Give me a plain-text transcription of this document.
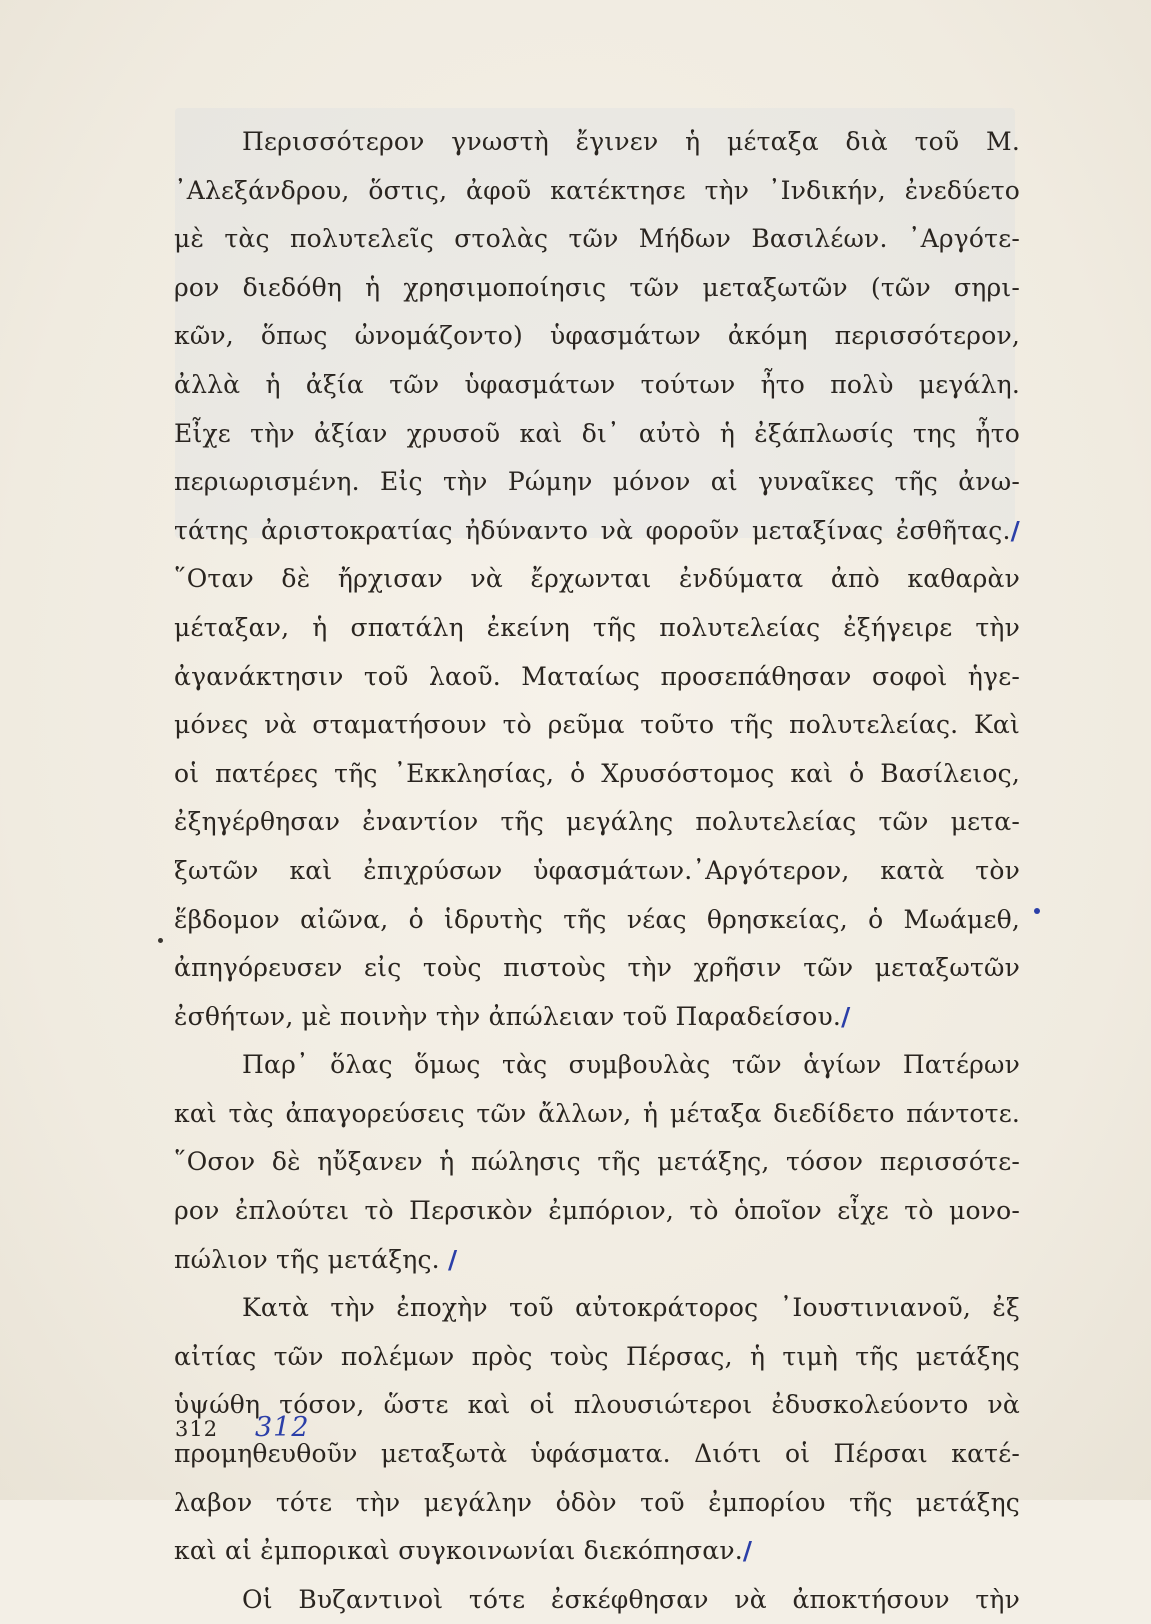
Περισσότερον γνωστὴ ἔγινεν ἡ μέταξα διὰ τοῦ Μ.
᾿Αλεξάνδρου, ὅστις, ἀφοῦ κατέκτησε τὴν ᾿Ινδικήν, ἐνεδύετο
μὲ τὰς πολυτελεῖς στολὰς τῶν Μήδων Βασιλέων. ᾿Αργότε-
ρον διεδόθη ἡ χρησιμοποίησις τῶν μεταξωτῶν (τῶν σηρι-
κῶν, ὅπως ὠνομάζοντο) ὑφασμάτων ἀκόμη περισσότερον,
ἀλλὰ ἡ ἀξία τῶν ὑφασμάτων τούτων ἦτο πολὺ μεγάλη.
Εἶχε τὴν ἀξίαν χρυσοῦ καὶ δι᾿ αὐτὸ ἡ ἐξάπλωσίς της ἦτο
περιωρισμένη. Εἰς τὴν Ρώμην μόνον αἱ γυναῖκες τῆς ἀνω-
τάτης ἀριστοκρατίας ἠδύναντο νὰ φοροῦν μεταξίνας ἐσθῆτας./
῞Οταν δὲ ἤρχισαν νὰ ἔρχωνται ἐνδύματα ἀπὸ καθαρὰν
μέταξαν, ἡ σπατάλη ἐκείνη τῆς πολυτελείας ἐξήγειρε τὴν
ἀγανάκτησιν τοῦ λαοῦ. Ματαίως προσεπάθησαν σοφοὶ ἡγε-
μόνες νὰ σταματήσουν τὸ ρεῦμα τοῦτο τῆς πολυτελείας. Καὶ
οἱ πατέρες τῆς ᾿Εκκλησίας, ὁ Χρυσόστομος καὶ ὁ Βασίλειος,
ἐξηγέρθησαν ἐναντίον τῆς μεγάλης πολυτελείας τῶν μετα-
ξωτῶν καὶ ἐπιχρύσων ὑφασμάτων.᾿Αργότερον, κατὰ τὸν
ἕβδομον αἰῶνα, ὁ ἱδρυτὴς τῆς νέας θρησκείας, ὁ Μωάμεθ,
ἀπηγόρευσεν εἰς τοὺς πιστοὺς τὴν χρῆσιν τῶν μεταξωτῶν
ἐσθήτων, μὲ ποινὴν τὴν ἀπώλειαν τοῦ Παραδείσου./
Παρ᾿ ὅλας ὅμως τὰς συμβουλὰς τῶν ἁγίων Πατέρων
καὶ τὰς ἀπαγορεύσεις τῶν ἄλλων, ἡ μέταξα διεδίδετο πάντοτε.
῞Οσον δὲ ηὔξανεν ἡ πώλησις τῆς μετάξης, τόσον περισσότε-
ρον ἐπλούτει τὸ Περσικὸν ἐμπόριον, τὸ ὁποῖον εἶχε τὸ μονο-
πώλιον τῆς μετάξης. /
Κατὰ τὴν ἐποχὴν τοῦ αὐτοκράτορος ᾿Ιουστινιανοῦ, ἐξ
αἰτίας τῶν πολέμων πρὸς τοὺς Πέρσας, ἡ τιμὴ τῆς μετάξης
ὑψώθη τόσον, ὥστε καὶ οἱ πλουσιώτεροι ἐδυσκολεύοντο νὰ
προμηθευθοῦν μεταξωτὰ ὑφάσματα. Διότι οἱ Πέρσαι κατέ-
λαβον τότε τὴν μεγάλην ὁδὸν τοῦ ἐμπορίου τῆς μετάξης
καὶ αἱ ἐμπορικαὶ συγκοινωνίαι διεκόπησαν./
Οἱ Βυζαντινοὶ τότε ἐσκέφθησαν νὰ ἀποκτήσουν τὴν
312 312
